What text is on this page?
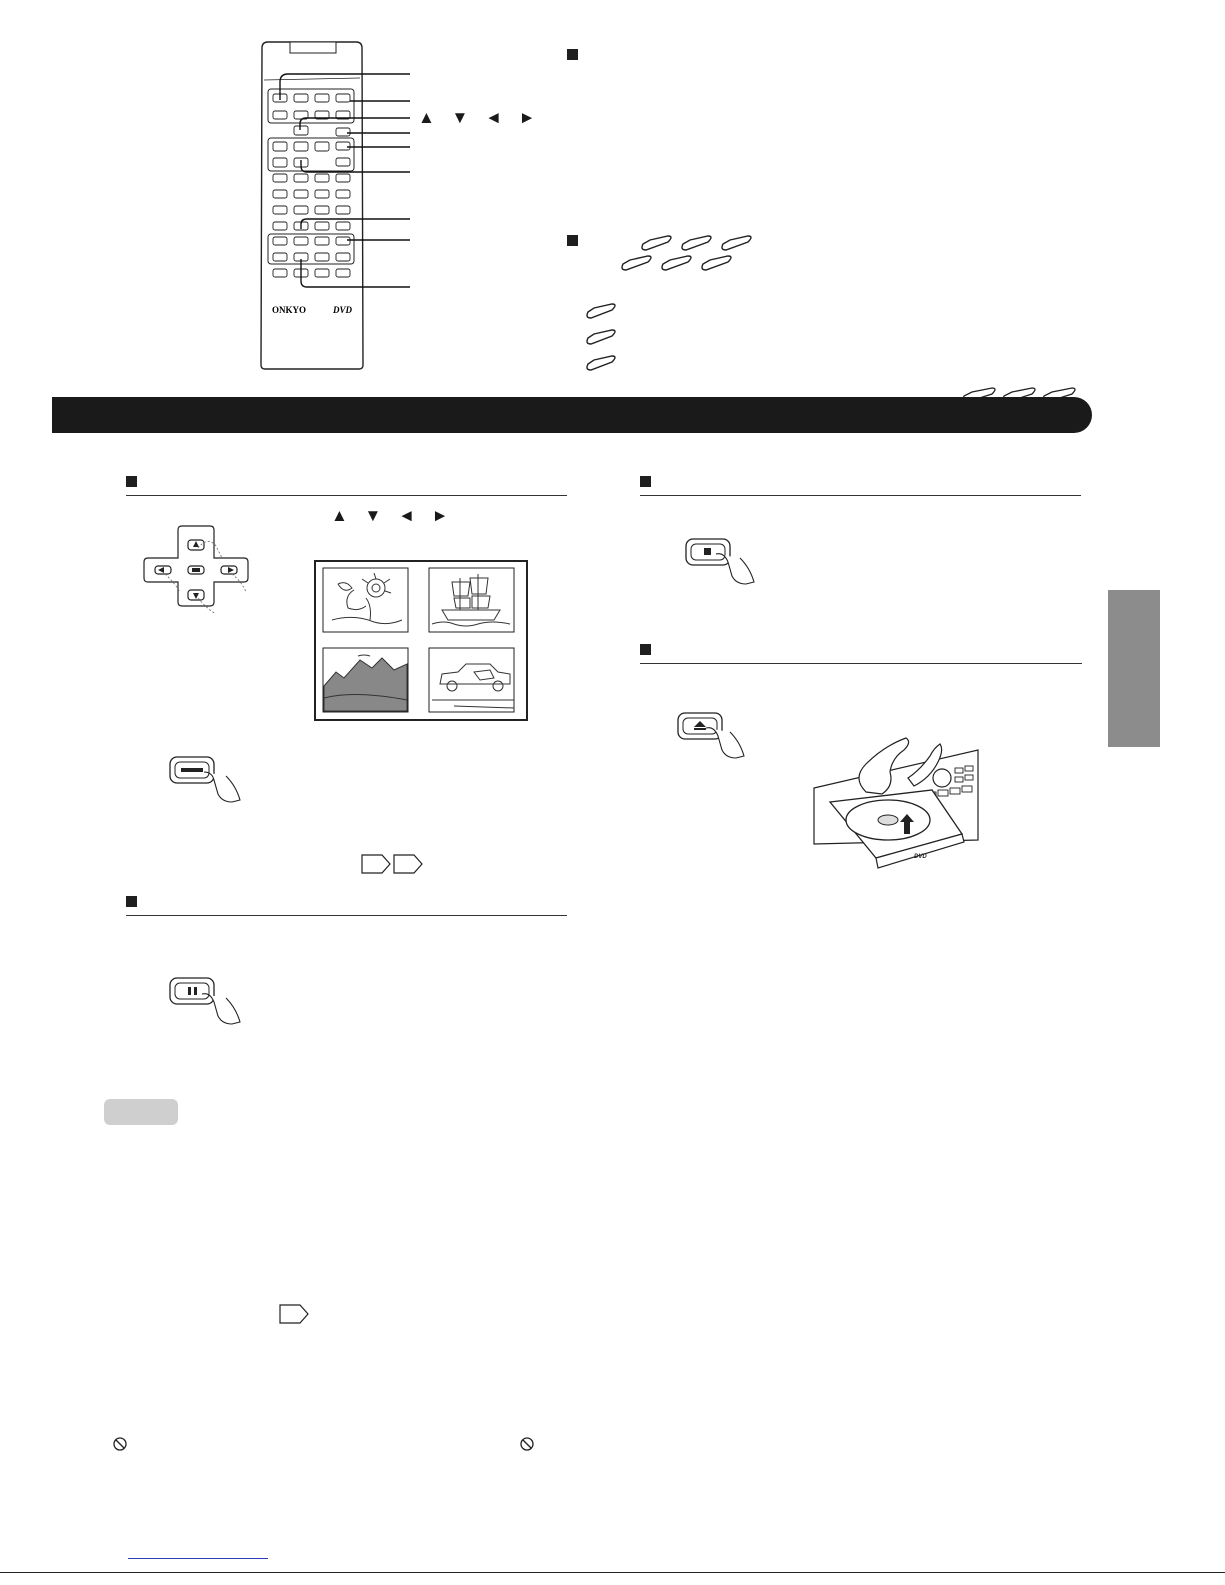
ONKYO	DVD
▲ ▼ ◄ ►
▲ ▼ ◄ ►
DVD
